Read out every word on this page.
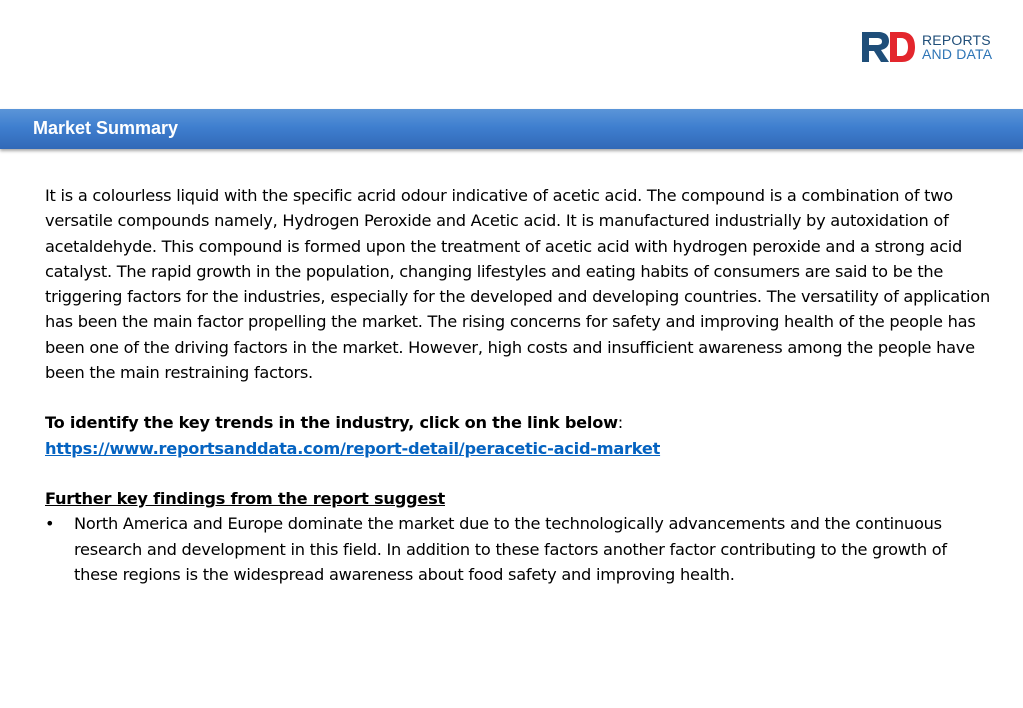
REPORTS
AND DATA
Market Summary

It is a colourless liquid with the specific acrid odour indicative of acetic acid. The compound is a combination of two versatile compounds namely, Hydrogen Peroxide and Acetic acid. It is manufactured industrially by autoxidation of acetaldehyde. This compound is formed upon the treatment of acetic acid with hydrogen peroxide and a strong acid catalyst. The rapid growth in the population, changing lifestyles and eating habits of consumers are said to be the triggering factors for the industries, especially for the developed and developing countries. The versatility of application has been the main factor propelling the market. The rising concerns for safety and improving health of the people has been one of the driving factors in the market. However, high costs and insufficient awareness among the people have been the main restraining factors.

To identify the key trends in the industry, click on the link below: https://www.reportsanddata.com/report-detail/peracetic-acid-market

Further key findings from the report suggest

• North America and Europe dominate the market due to the technologically advancements and the continuous research and development in this field. In addition to these factors another factor contributing to the growth of these regions is the widespread awareness about food safety and improving health.
